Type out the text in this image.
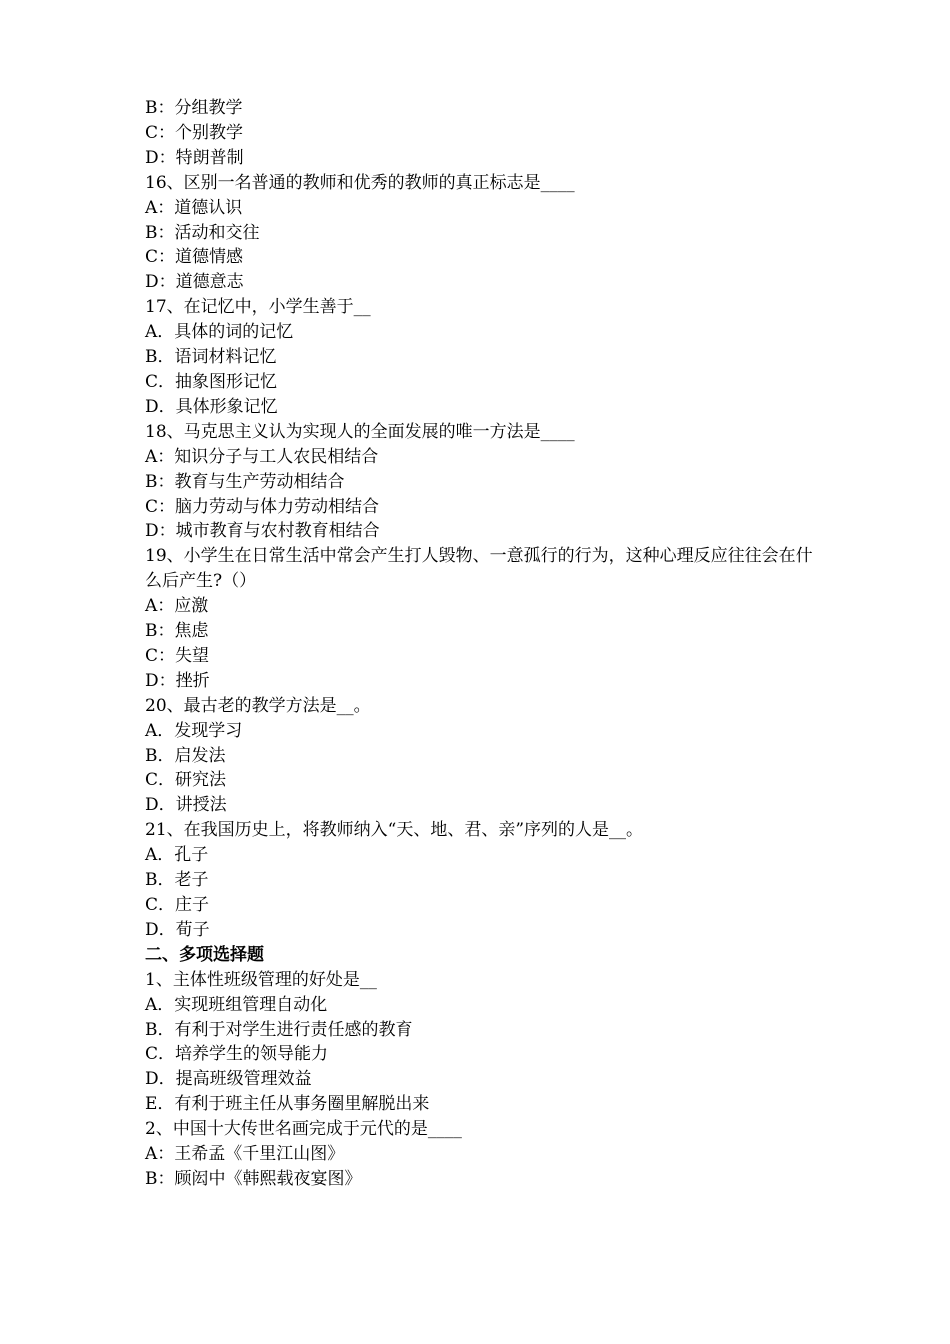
B：分组教学
C：个别教学
D：特朗普制
16、区别一名普通的教师和优秀的教师的真正标志是____
A：道德认识
B：活动和交往
C：道德情感
D：道德意志
17、在记忆中，小学生善于__
A．具体的词的记忆
B．语词材料记忆
C．抽象图形记忆
D．具体形象记忆
18、马克思主义认为实现人的全面发展的唯一方法是____
A：知识分子与工人农民相结合
B：教育与生产劳动相结合
C：脑力劳动与体力劳动相结合
D：城市教育与农村教育相结合
19、小学生在日常生活中常会产生打人毁物、一意孤行的行为，这种心理反应往往会在什么后产生?（）
A：应激
B：焦虑
C：失望
D：挫折
20、最古老的教学方法是__。
A．发现学习
B．启发法
C．研究法
D．讲授法
21、在我国历史上，将教师纳入“天、地、君、亲”序列的人是__。
A．孔子
B．老子
C．庄子
D．荀子
二、多项选择题
1、主体性班级管理的好处是__
A．实现班组管理自动化
B．有利于对学生进行责任感的教育
C．培养学生的领导能力
D．提高班级管理效益
E．有利于班主任从事务圈里解脱出来
2、中国十大传世名画完成于元代的是____
A：王希孟《千里江山图》
B：顾闳中《韩熙载夜宴图》
